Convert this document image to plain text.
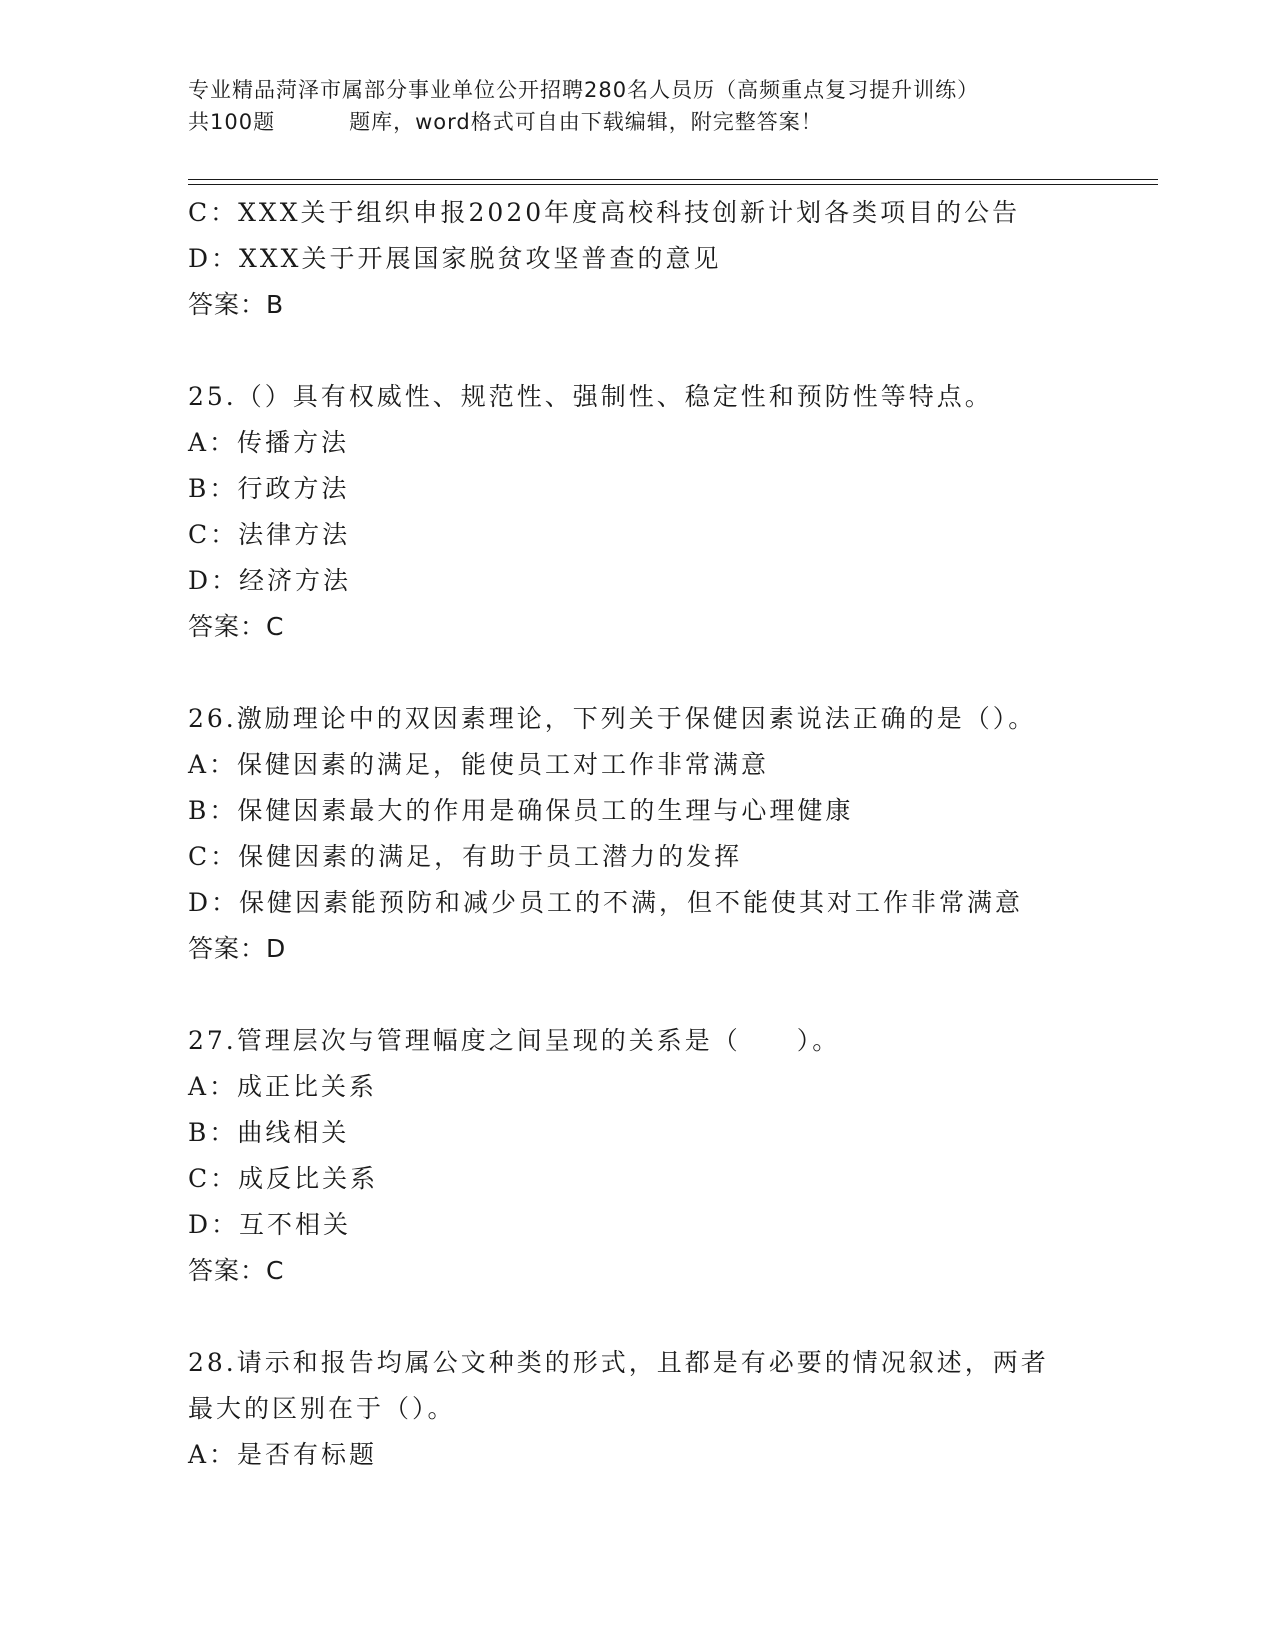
专业精品菏泽市属部分事业单位公开招聘280名人员历（高频重点复习提升训练）
共100题	题库，word格式可自由下载编辑，附完整答案！
C：XXX关于组织申报2020年度高校科技创新计划各类项目的公告
D：XXX关于开展国家脱贫攻坚普查的意见
答案：B
25.（）具有权威性、规范性、强制性、稳定性和预防性等特点。
A：传播方法
B：行政方法
C：法律方法
D：经济方法
答案：C
26.激励理论中的双因素理论，下列关于保健因素说法正确的是（）。
A：保健因素的满足，能使员工对工作非常满意
B：保健因素最大的作用是确保员工的生理与心理健康
C：保健因素的满足，有助于员工潜力的发挥
D：保健因素能预防和减少员工的不满，但不能使其对工作非常满意
答案：D
27.管理层次与管理幅度之间呈现的关系是（　　）。
A：成正比关系
B：曲线相关
C：成反比关系
D：互不相关
答案：C
28.请示和报告均属公文种类的形式，且都是有必要的情况叙述，两者
最大的区别在于（）。
A：是否有标题
